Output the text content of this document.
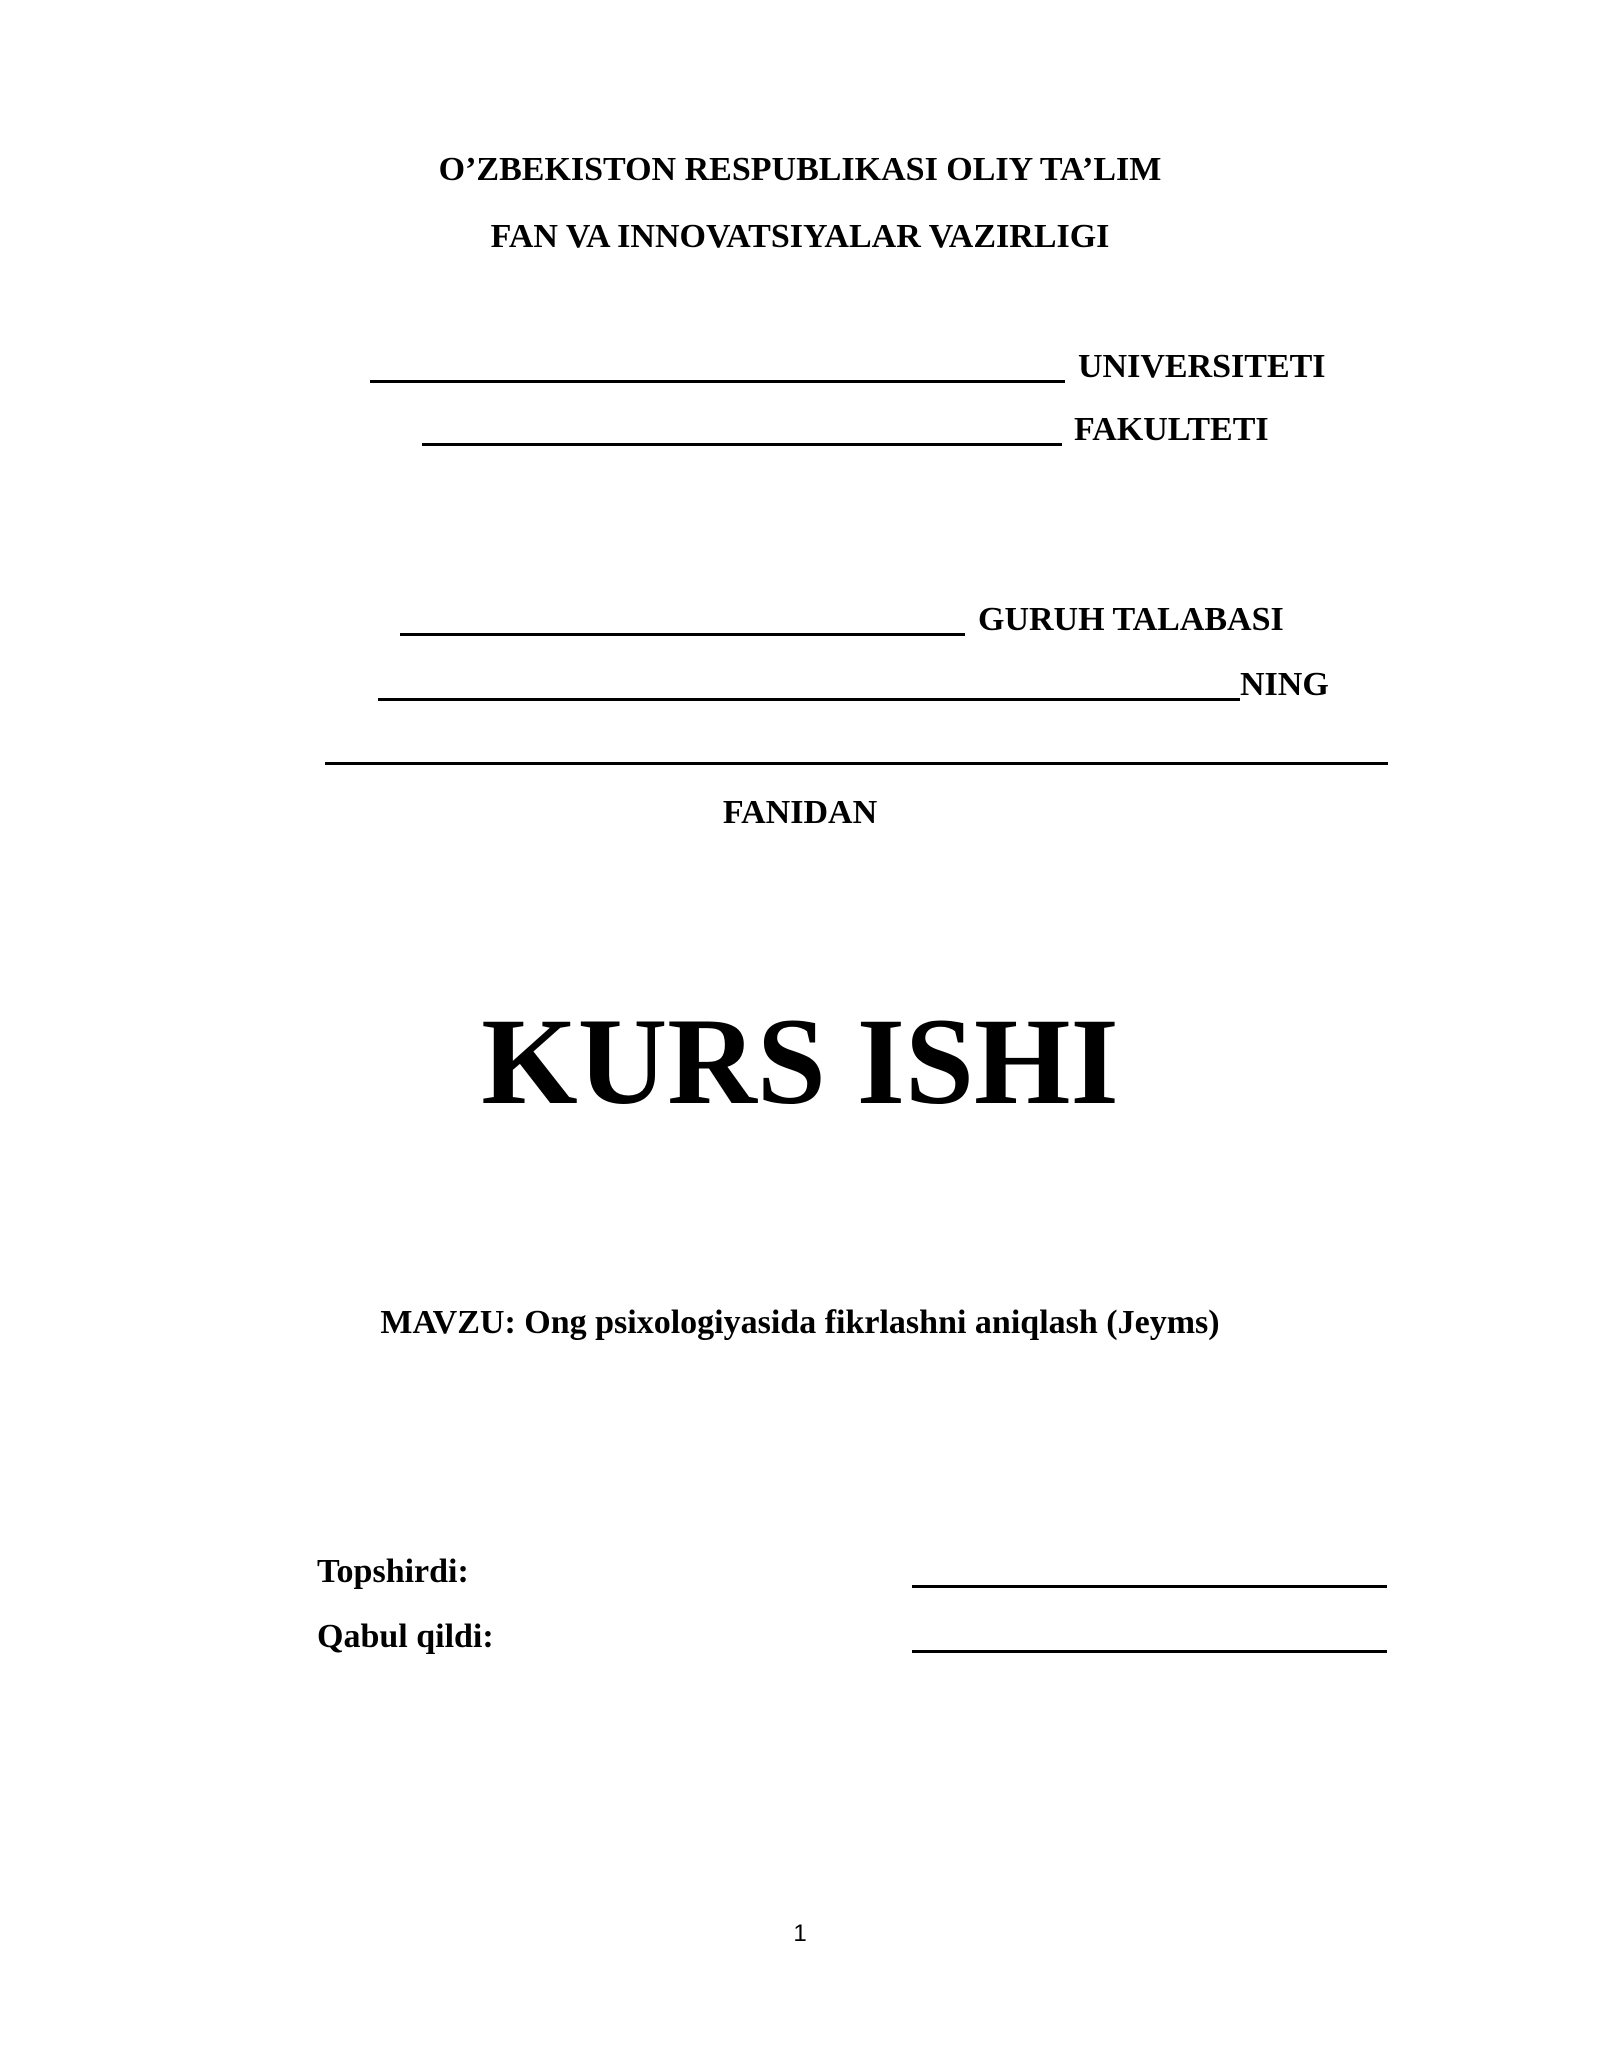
O’ZBEKISTON RESPUBLIKASI OLIY TA’LIM
FAN VA INNOVATSIYALAR VAZIRLIGI
UNIVERSITETI
FAKULTETI
GURUH TALABASI
NING
FANIDAN
KURS ISHI
MAVZU: Ong psixologiyasida fikrlashni aniqlash (Jeyms)
Topshirdi:
Qabul qildi:
1
